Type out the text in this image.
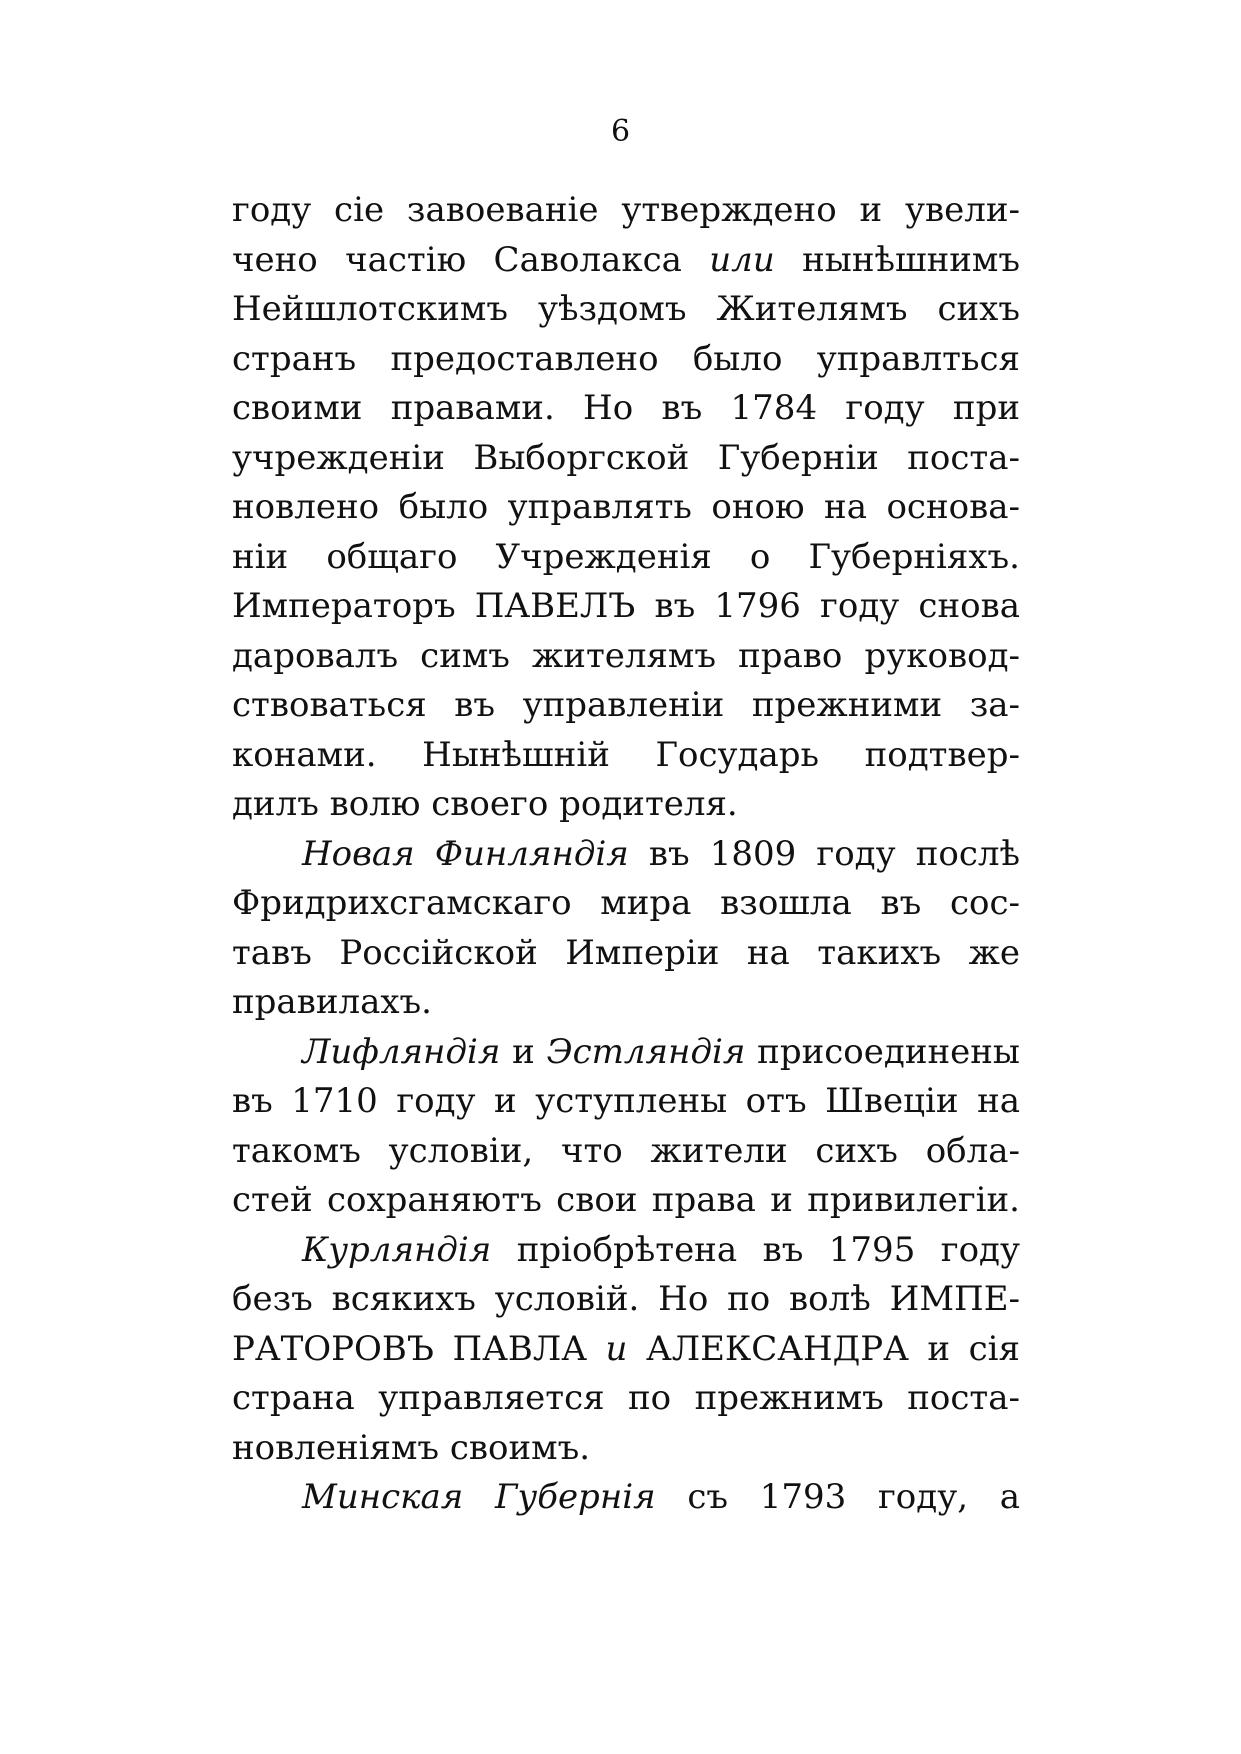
6
году сіе завоеваніе утверждено и увели-
чено частію Саволакса или нынѣшнимъ
Нейшлотскимъ уѣздомъ Жителямъ сихъ
странъ предоставлено было управлться
своими правами. Но въ 1784 году при
учрежденіи Выборгской Губерніи поста-
новлено было управлять оною на основа-
ніи общаго Учрежденія о Губерніяхъ.
Императоръ ПАВЕЛЪ въ 1796 году снова
даровалъ симъ жителямъ право руковод-
ствоваться въ управленіи прежними за-
конами. Нынѣшній Государь подтвер-
дилъ волю своего родителя.
Новая Финляндія въ 1809 году послѣ
Фридрихсгамскаго мира взошла въ сос-
тавъ Россійской Имперіи на такихъ же
правилахъ.
Лифляндія и Эстляндія присоединены
въ 1710 году и уступлены отъ Швеціи на
такомъ условіи, что жители сихъ обла-
стей сохраняютъ свои права и привилегіи.
Курляндія пріобрѣтена въ 1795 году
безъ всякихъ условій. Но по волѣ ИМПЕ-
РАТОРОВЪ ПАВЛА и АЛЕКСАНДРА и сія
страна управляется по прежнимъ поста-
новленіямъ своимъ.
Минская Губернія съ 1793 году, а
